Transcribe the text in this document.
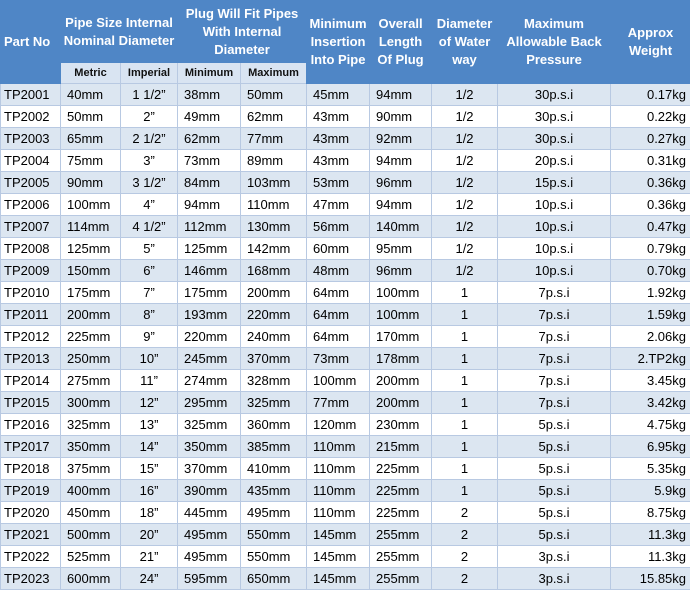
Part No	Pipe Size Internal Nominal Diameter		Plug Will Fit Pipes With Internal Diameter		Minimum Insertion Into Pipe	Overall Length Of Plug	Diameter of Water way	Maximum Allowable Back Pressure	Approx Weight
	Metric	Imperial	Minimum	Maximum					
TP2001	40mm	1 1/2”	38mm	50mm	45mm	94mm	1/2	30p.s.i	0.17kg
TP2002	50mm	2”	49mm	62mm	43mm	90mm	1/2	30p.s.i	0.22kg
TP2003	65mm	2 1/2”	62mm	77mm	43mm	92mm	1/2	30p.s.i	0.27kg
TP2004	75mm	3”	73mm	89mm	43mm	94mm	1/2	20p.s.i	0.31kg
TP2005	90mm	3 1/2”	84mm	103mm	53mm	96mm	1/2	15p.s.i	0.36kg
TP2006	100mm	4”	94mm	110mm	47mm	94mm	1/2	10p.s.i	0.36kg
TP2007	114mm	4 1/2”	112mm	130mm	56mm	140mm	1/2	10p.s.i	0.47kg
TP2008	125mm	5”	125mm	142mm	60mm	95mm	1/2	10p.s.i	0.79kg
TP2009	150mm	6”	146mm	168mm	48mm	96mm	1/2	10p.s.i	0.70kg
TP2010	175mm	7”	175mm	200mm	64mm	100mm	1	7p.s.i	1.92kg
TP2011	200mm	8”	193mm	220mm	64mm	100mm	1	7p.s.i	1.59kg
TP2012	225mm	9”	220mm	240mm	64mm	170mm	1	7p.s.i	2.06kg
TP2013	250mm	10”	245mm	370mm	73mm	178mm	1	7p.s.i	2.TP2kg
TP2014	275mm	11”	274mm	328mm	100mm	200mm	1	7p.s.i	3.45kg
TP2015	300mm	12”	295mm	325mm	77mm	200mm	1	7p.s.i	3.42kg
TP2016	325mm	13”	325mm	360mm	120mm	230mm	1	5p.s.i	4.75kg
TP2017	350mm	14”	350mm	385mm	110mm	215mm	1	5p.s.i	6.95kg
TP2018	375mm	15”	370mm	410mm	110mm	225mm	1	5p.s.i	5.35kg
TP2019	400mm	16”	390mm	435mm	110mm	225mm	1	5p.s.i	5.9kg
TP2020	450mm	18”	445mm	495mm	110mm	225mm	2	5p.s.i	8.75kg
TP2021	500mm	20”	495mm	550mm	145mm	255mm	2	5p.s.i	11.3kg
TP2022	525mm	21”	495mm	550mm	145mm	255mm	2	3p.s.i	11.3kg
TP2023	600mm	24”	595mm	650mm	145mm	255mm	2	3p.s.i	15.85kg
